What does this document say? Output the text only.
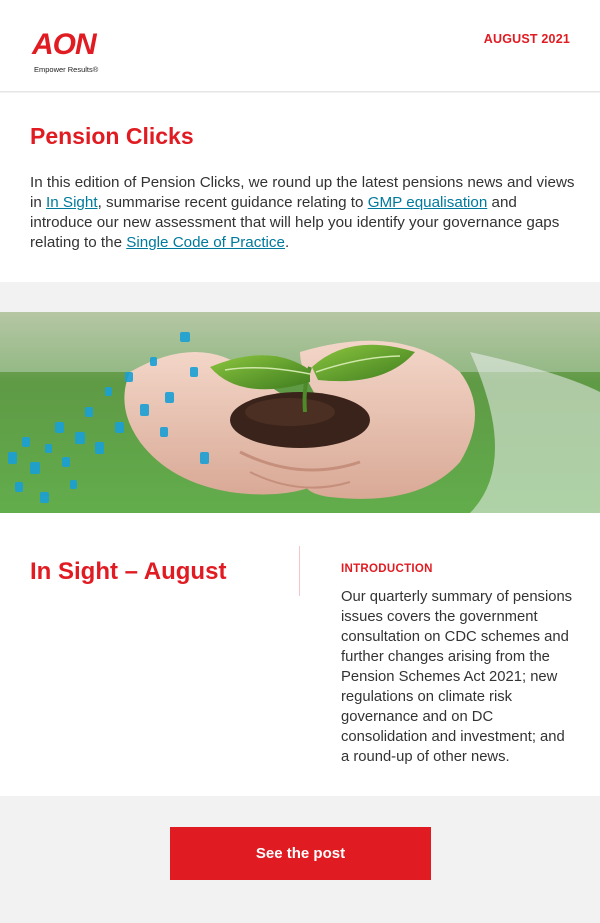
AON
Empower Results®
AUGUST 2021
Pension Clicks

In this edition of Pension Clicks, we round up the latest pensions news and views in In Sight, summarise recent guidance relating to GMP equalisation and introduce our new assessment that will help you identify your governance gaps relating to the Single Code of Practice.

In Sight – August	INTRODUCTION

Our quarterly summary of pensions issues covers the government consultation on CDC schemes and further changes arising from the Pension Schemes Act 2021; new regulations on climate risk governance and on DC consolidation and investment; and a round-up of other news.

See the post
